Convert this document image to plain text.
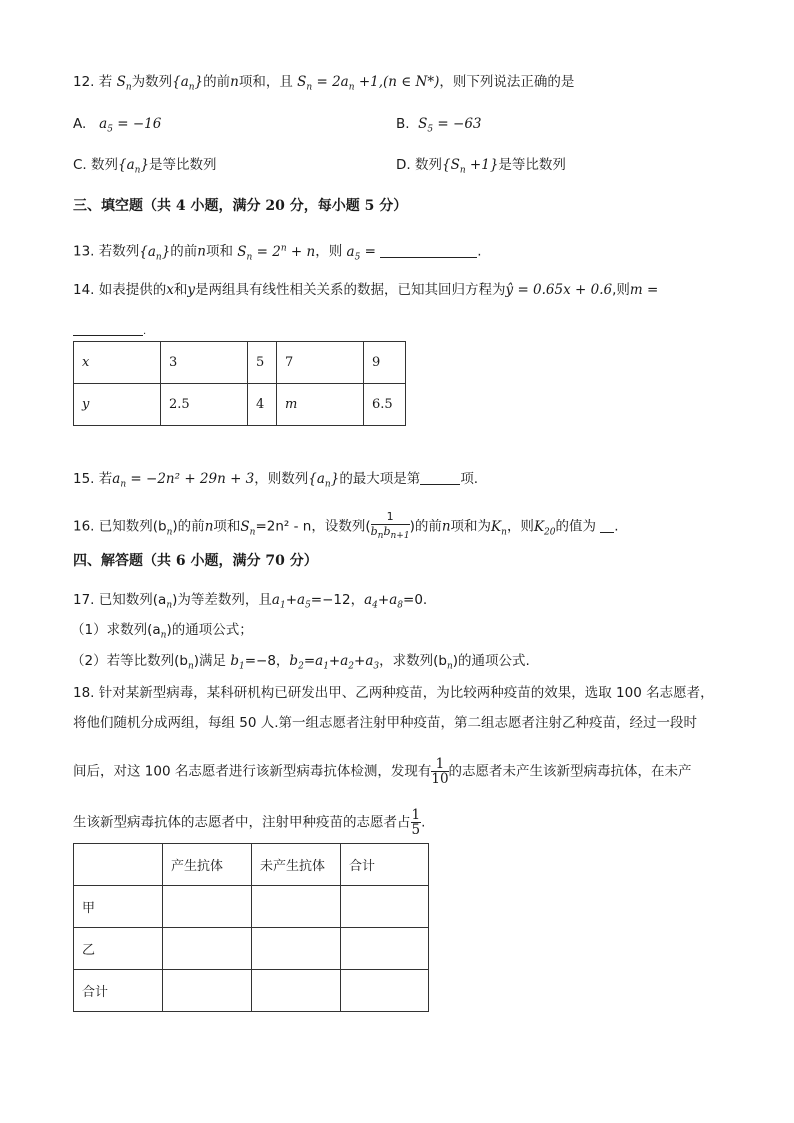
12. 若 $S_n$为数列$\{a_n\}$的前n项和，且 $S_n = 2a_n +1,(n$ ∈ N*)，则下列说法正确的是
A. $a_5 = -16$	B. $S_5 = -63$
C. 数列$\{a_n\}$是等比数列	D. 数列$\{S_n +1\}$是等比数列
三、填空题（共 4 小题，满分 20 分，每小题 5 分）
13. 若数列$\{a_n\}$的前n项和 $S_n = 2^n + n$，则 $a_5$ =	.
14. 如表提供的x和y是两组具有线性相关关系的数据，已知其回归方程为ŷ = 0.65x + 0.6,则m =
.
x	3	5	7	9
y	2.5	4	m	6.5
15. 若$a_n = -2n^2 + 29n + 3$，则数列$\{a_n\}$的最大项是第	项.
16. 已知数列$(b_n)$的前n项和$S_n=2n^2 - n$，设数列( $\frac{1}{b_nb_{n+1}}$ )的前n项和为$K_n$，则$K_{20}$的值为 .
四、解答题（共 6 小题，满分 70 分）
17. 已知数列$(a_n)$为等差数列，且$a_1+a_5=-12$，$a_4+a_8=0$.
（1）求数列$(a_n)$的通项公式；
（2）若等比数列$(b_n)$满足 $b_1=-8$，$b_2=a_1+a_2+a_3$，求数列$(b_n)$的通项公式.
18. 针对某新型病毒，某科研机构已研发出甲、乙两种疫苗，为比较两种疫苗的效果，选取 100 名志愿者，
将他们随机分成两组，每组 50 人.第一组志愿者注射甲种疫苗，第二组志愿者注射乙种疫苗，经过一段时
间后，对这 100 名志愿者进行该新型病毒抗体检测，发现有 $\frac{1}{10}$ 的志愿者未产生该新型病毒抗体，在未产
生该新型病毒抗体的志愿者中，注射甲种疫苗的志愿者占 $\frac{1}{5}$ .
	产生抗体	未产生抗体	合计
甲			
乙			
合计			
